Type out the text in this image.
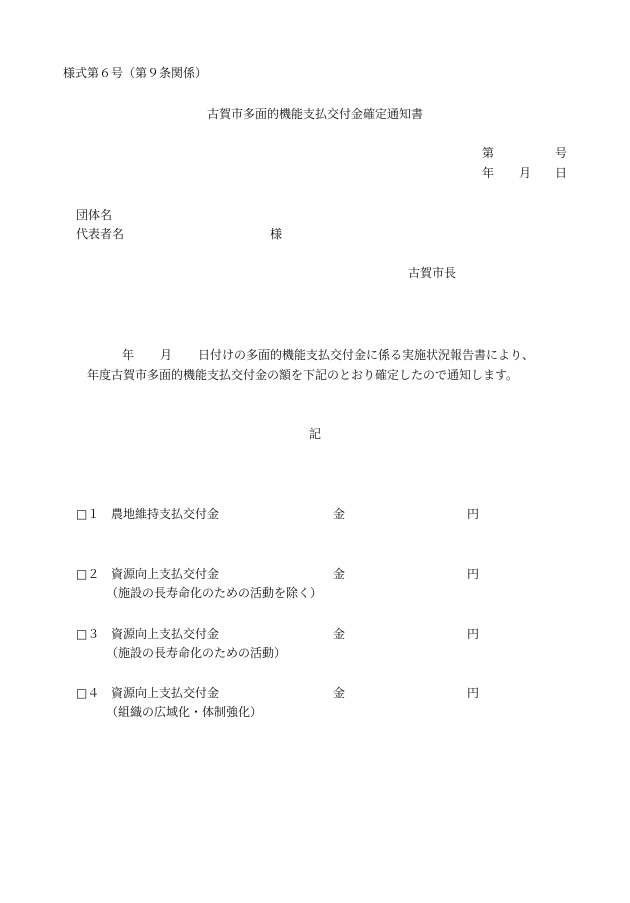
様式第６号（第９条関係）
古賀市多面的機能支払交付金確定通知書
第	号
年 月 日
団体名
代表者名	様
古賀市長
年 月 日付けの多面的機能支払交付金に係る実施状況報告書により、
年度古賀市多面的機能支払交付金の額を下記のとおり確定したので通知します。
記
□１ 農地維持支払交付金	金	円
□２ 資源向上支払交付金	金	円
（施設の長寿命化のための活動を除く）
□３ 資源向上支払交付金	金	円
（施設の長寿命化のための活動）
□４ 資源向上支払交付金	金	円
（組織の広域化・体制強化）
